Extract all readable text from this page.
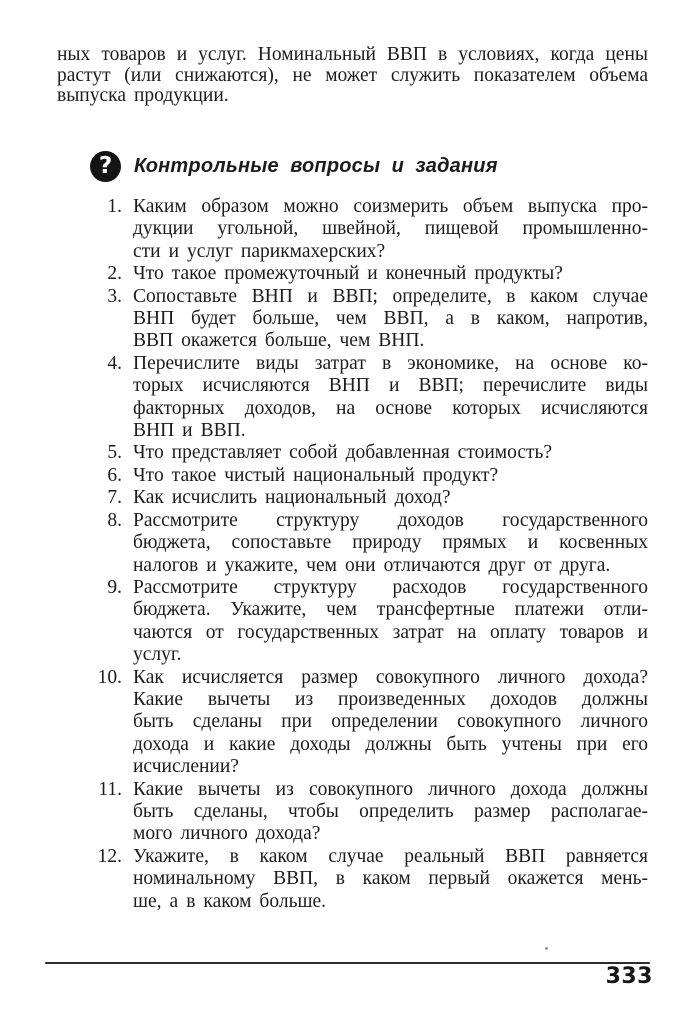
ных товаров и услуг. Номинальный ВВП в условиях, когда цены
растут (или снижаются), не может служить показателем объема
выпуска продукции.
?	Контрольные вопросы и задания
1. Каким образом можно соизмерить объем выпуска про-
дукции угольной, швейной, пищевой промышленно-
сти и услуг парикмахерских?
2. Что такое промежуточный и конечный продукты?
3. Сопоставьте ВНП и ВВП; определите, в каком случае
ВНП будет больше, чем ВВП, а в каком, напротив,
ВВП окажется больше, чем ВНП.
4. Перечислите виды затрат в экономике, на основе ко-
торых исчисляются ВНП и ВВП; перечислите виды
факторных доходов, на основе которых исчисляются
ВНП и ВВП.
5. Что представляет собой добавленная стоимость?
6. Что такое чистый национальный продукт?
7. Как исчислить национальный доход?
8. Рассмотрите структуру доходов государственного
бюджета, сопоставьте природу прямых и косвенных
налогов и укажите, чем они отличаются друг от друга.
9. Рассмотрите структуру расходов государственного
бюджета. Укажите, чем трансфертные платежи отли-
чаются от государственных затрат на оплату товаров и
услуг.
10. Как исчисляется размер совокупного личного дохода?
Какие вычеты из произведенных доходов должны
быть сделаны при определении совокупного личного
дохода и какие доходы должны быть учтены при его
исчислении?
11. Какие вычеты из совокупного личного дохода должны
быть сделаны, чтобы определить размер располагае-
мого личного дохода?
12. Укажите, в каком случае реальный ВВП равняется
номинальному ВВП, в каком первый окажется мень-
ше, а в каком больше.
333
